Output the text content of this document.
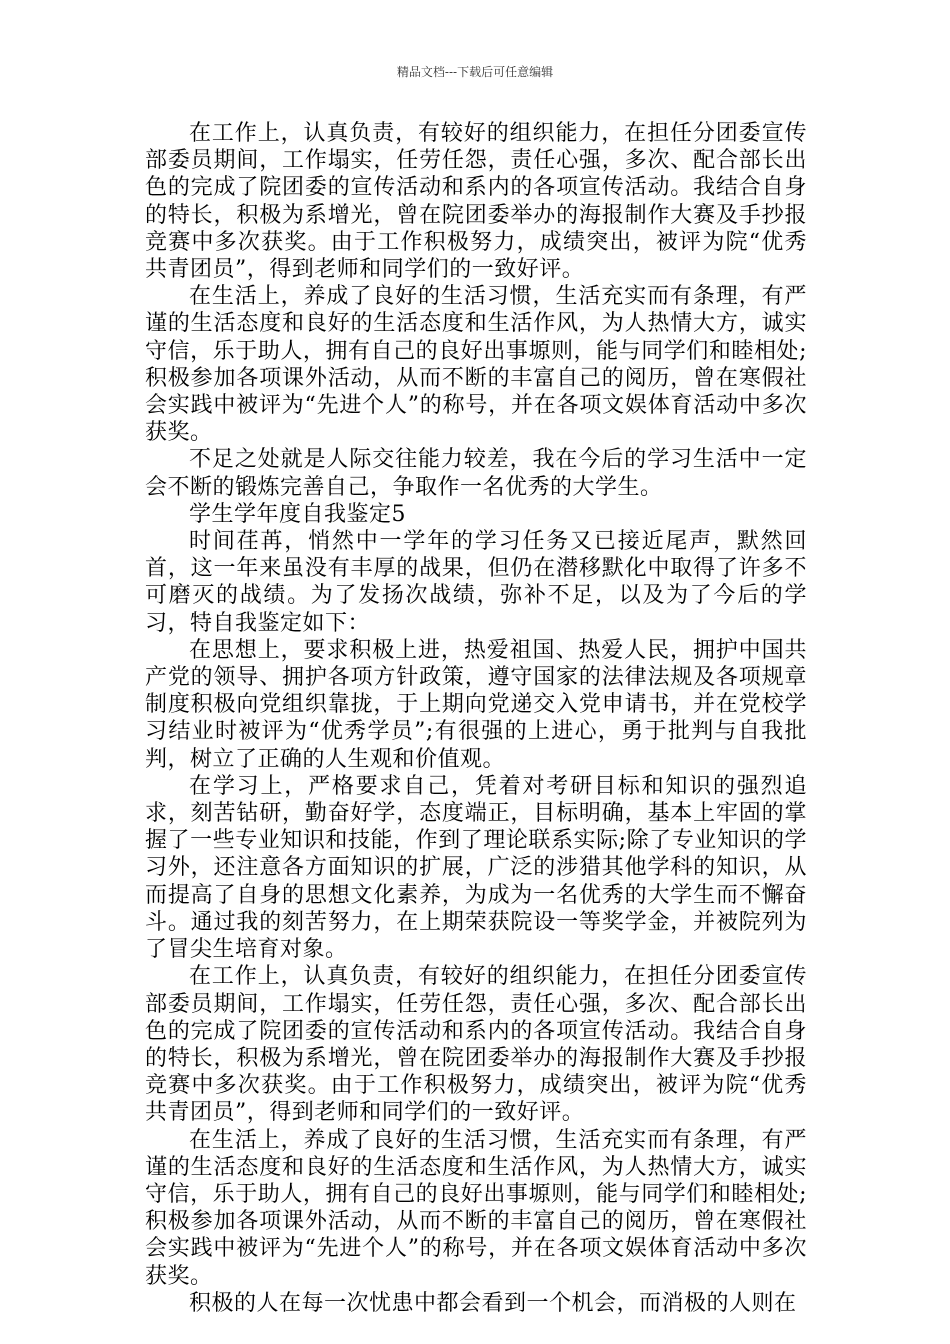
精品文档---下载后可任意编辑

在工作上，认真负责，有较好的组织能力，在担任分团委宣传部委员期间，工作塌实，任劳任怨，责任心强，多次、配合部长出色的完成了院团委的宣传活动和系内的各项宣传活动。我结合自身的特长，积极为系增光，曾在院团委举办的海报制作大赛及手抄报竞赛中多次获奖。由于工作积极努力，成绩突出，被评为院“优秀共青团员”，得到老师和同学们的一致好评。

在生活上，养成了良好的生活习惯，生活充实而有条理，有严谨的生活态度和良好的生活态度和生活作风，为人热情大方，诚实守信，乐于助人，拥有自己的良好出事塬则，能与同学们和睦相处;积极参加各项课外活动，从而不断的丰富自己的阅历，曾在寒假社会实践中被评为“先进个人”的称号，并在各项文娱体育活动中多次获奖。

不足之处就是人际交往能力较差，我在今后的学习生活中一定会不断的锻炼完善自己，争取作一名优秀的大学生。

学生学年度自我鉴定5

时间荏苒，悄然中一学年的学习任务又已接近尾声，默然回首，这一年来虽没有丰厚的战果，但仍在潜移默化中取得了许多不可磨灭的战绩。为了发扬次战绩，弥补不足，以及为了今后的学习，特自我鉴定如下：

在思想上，要求积极上进，热爱祖国、热爱人民，拥护中国共产党的领导、拥护各项方针政策，遵守国家的法律法规及各项规章制度积极向党组织靠拢，于上期向党递交入党申请书，并在党校学习结业时被评为“优秀学员”;有很强的上进心，勇于批判与自我批判，树立了正确的人生观和价值观。

在学习上，严格要求自己，凭着对考研目标和知识的强烈追求，刻苦钻研，勤奋好学，态度端正，目标明确，基本上牢固的掌握了一些专业知识和技能，作到了理论联系实际;除了专业知识的学习外，还注意各方面知识的扩展，广泛的涉猎其他学科的知识，从而提高了自身的思想文化素养，为成为一名优秀的大学生而不懈奋斗。通过我的刻苦努力，在上期荣获院设一等奖学金，并被院列为了冒尖生培育对象。

在工作上，认真负责，有较好的组织能力，在担任分团委宣传部委员期间，工作塌实，任劳任怨，责任心强，多次、配合部长出色的完成了院团委的宣传活动和系内的各项宣传活动。我结合自身的特长，积极为系增光，曾在院团委举办的海报制作大赛及手抄报竞赛中多次获奖。由于工作积极努力，成绩突出，被评为院“优秀共青团员”，得到老师和同学们的一致好评。

在生活上，养成了良好的生活习惯，生活充实而有条理，有严谨的生活态度和良好的生活态度和生活作风，为人热情大方，诚实守信，乐于助人，拥有自己的良好出事塬则，能与同学们和睦相处;积极参加各项课外活动，从而不断的丰富自己的阅历，曾在寒假社会实践中被评为“先进个人”的称号，并在各项文娱体育活动中多次获奖。

积极的人在每一次忧患中都会看到一个机会，而消极的人则在
